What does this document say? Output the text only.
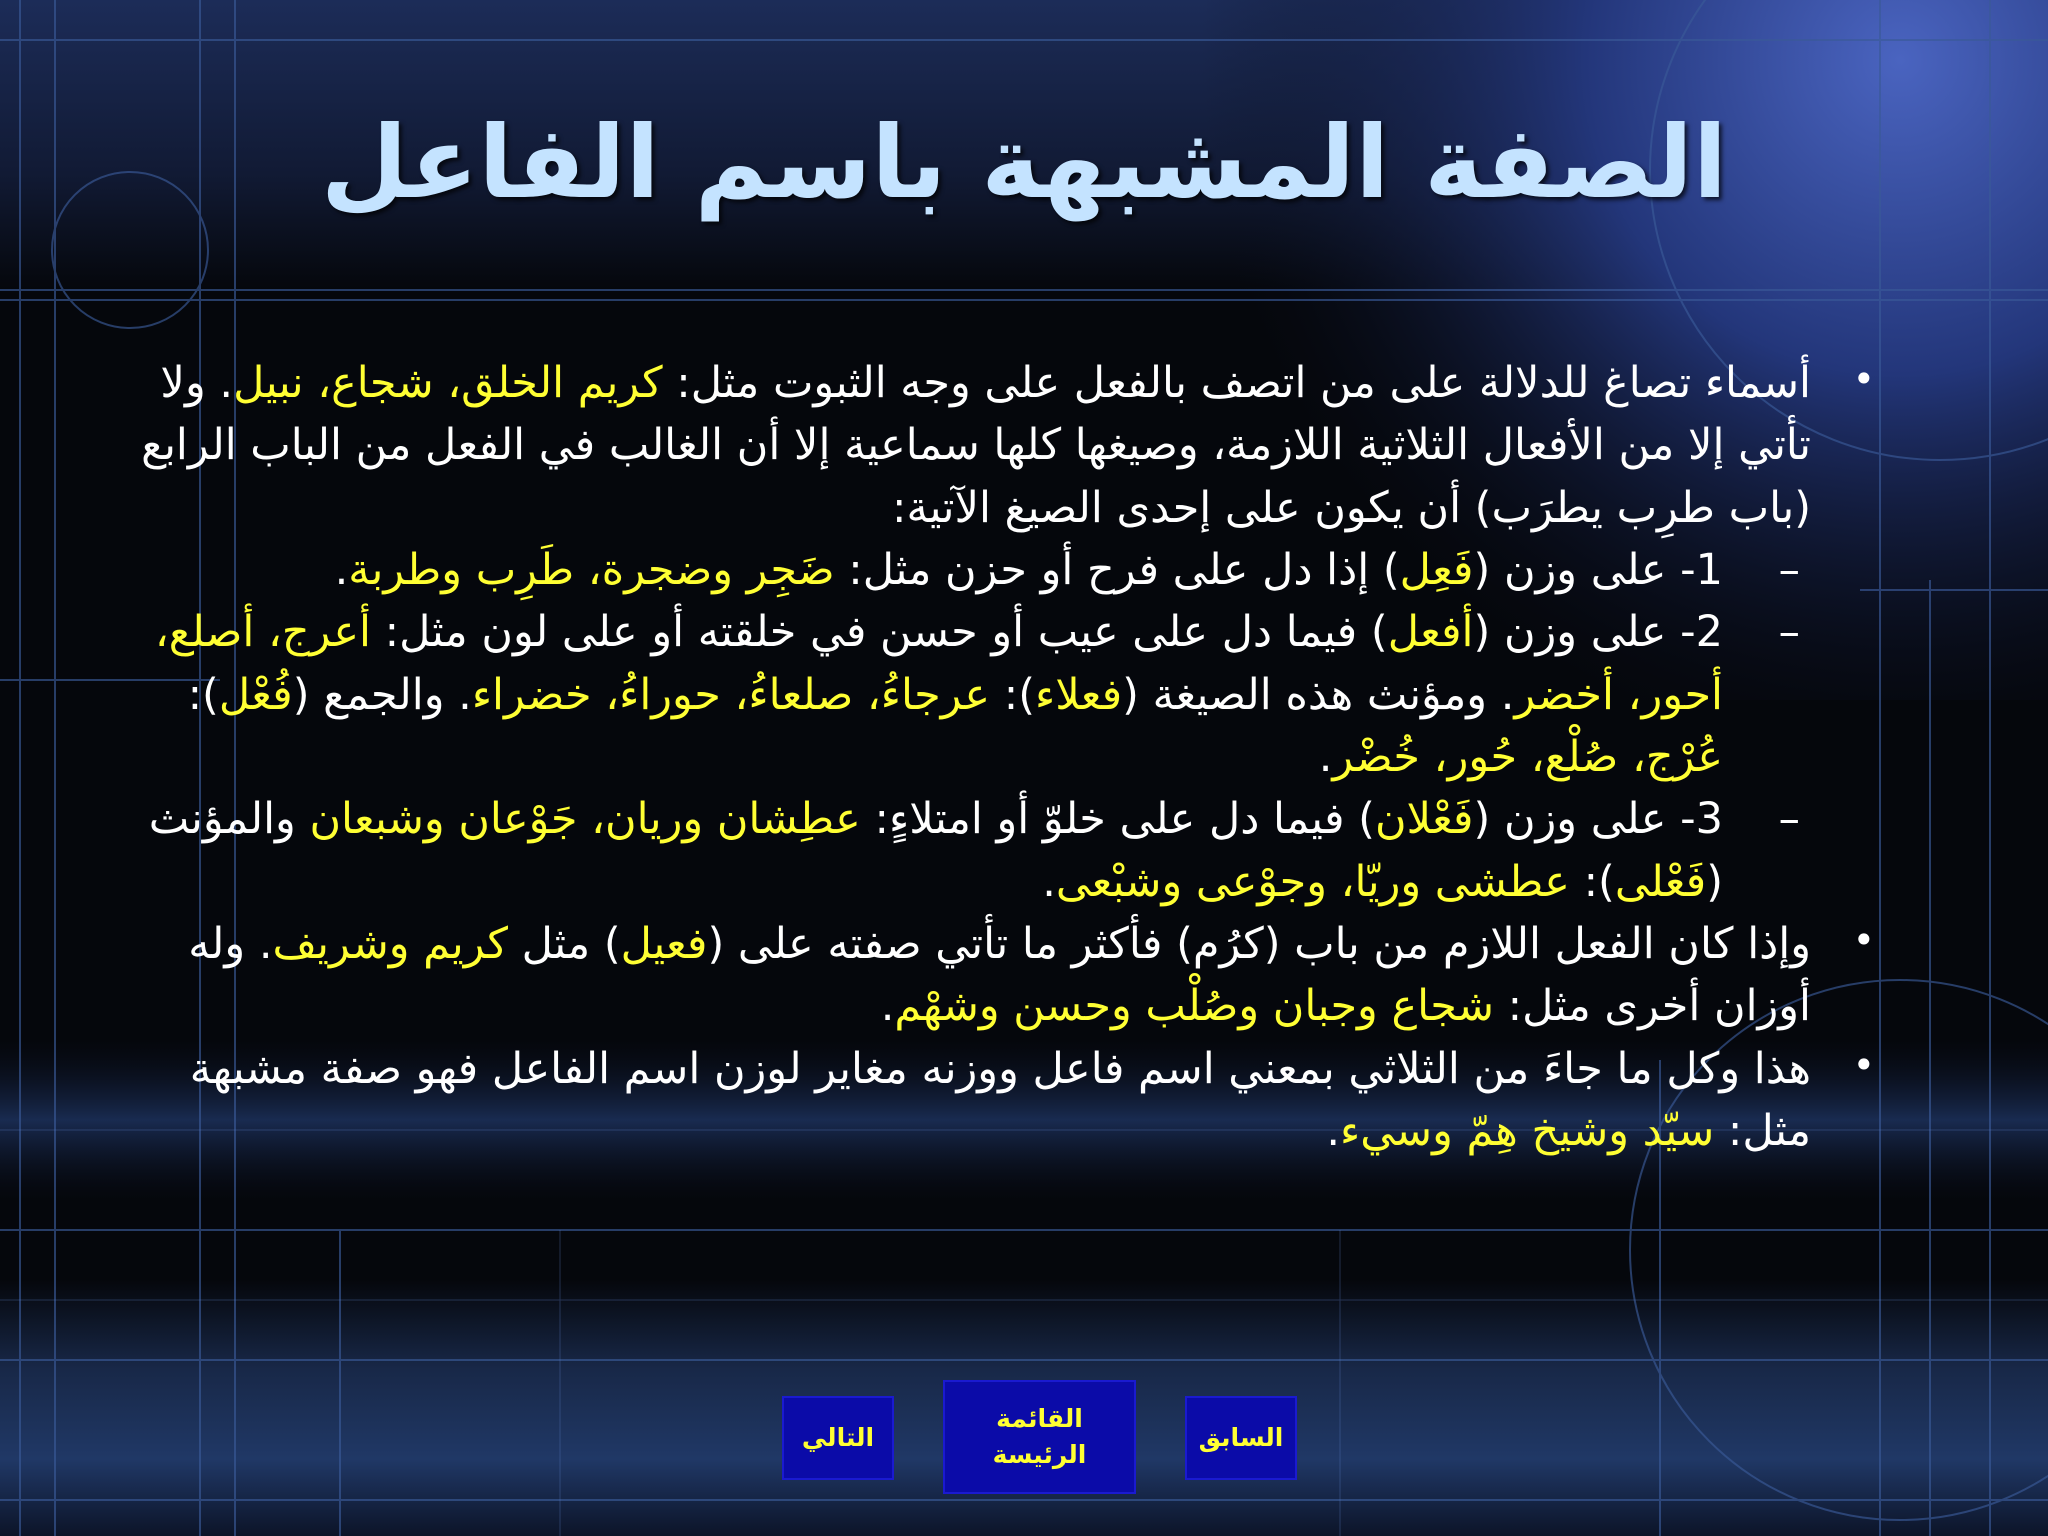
الصفة المشبهة باسم الفاعل

•
أسماء تصاغ للدلالة على من اتصف بالفعل على وجه الثبوت مثل: كريم الخلق، شجاع، نبيل. ولا تأتي إلا من الأفعال الثلاثية اللازمة، وصيغها كلها سماعية إلا أن الغالب في الفعل من الباب الرابع (باب طرِب يطرَب) أن يكون على إحدى الصيغ الآتية:

–
1- على وزن (فَعِل) إذا دل على فرح أو حزن مثل: ضَجِر وضجرة، طَرِب وطربة.

–
2- على وزن (أفعل) فيما دل على عيب أو حسن في خلقته أو على لون مثل: أعرج، أصلع، أحور، أخضر. ومؤنث هذه الصيغة (فعلاء): عرجاءُ، صلعاءُ، حوراءُ، خضراء. والجمع (فُعْل): عُرْج، صُلْع، حُور، خُضْر.

–
3- على وزن (فَعْلان) فيما دل على خلوّ أو امتلاءٍ: عطِشان وريان، جَوْعان وشبعان والمؤنث (فَعْلى): عطشى وريّا، وجوْعى وشبْعى.

•
وإذا كان الفعل اللازم من باب (كرُم) فأكثر ما تأتي صفته على (فعيل) مثل كريم وشريف. وله أوزان أخرى مثل: شجاع وجبان وصُلْب وحسن وشهْم.

•
هذا وكل ما جاءَ من الثلاثي بمعني اسم فاعل ووزنه مغاير لوزن اسم الفاعل فهو صفة مشبهة مثل: سيّد وشيخ هِمّ وسيء.

التالي
القائمة
الرئيسة
السابق
